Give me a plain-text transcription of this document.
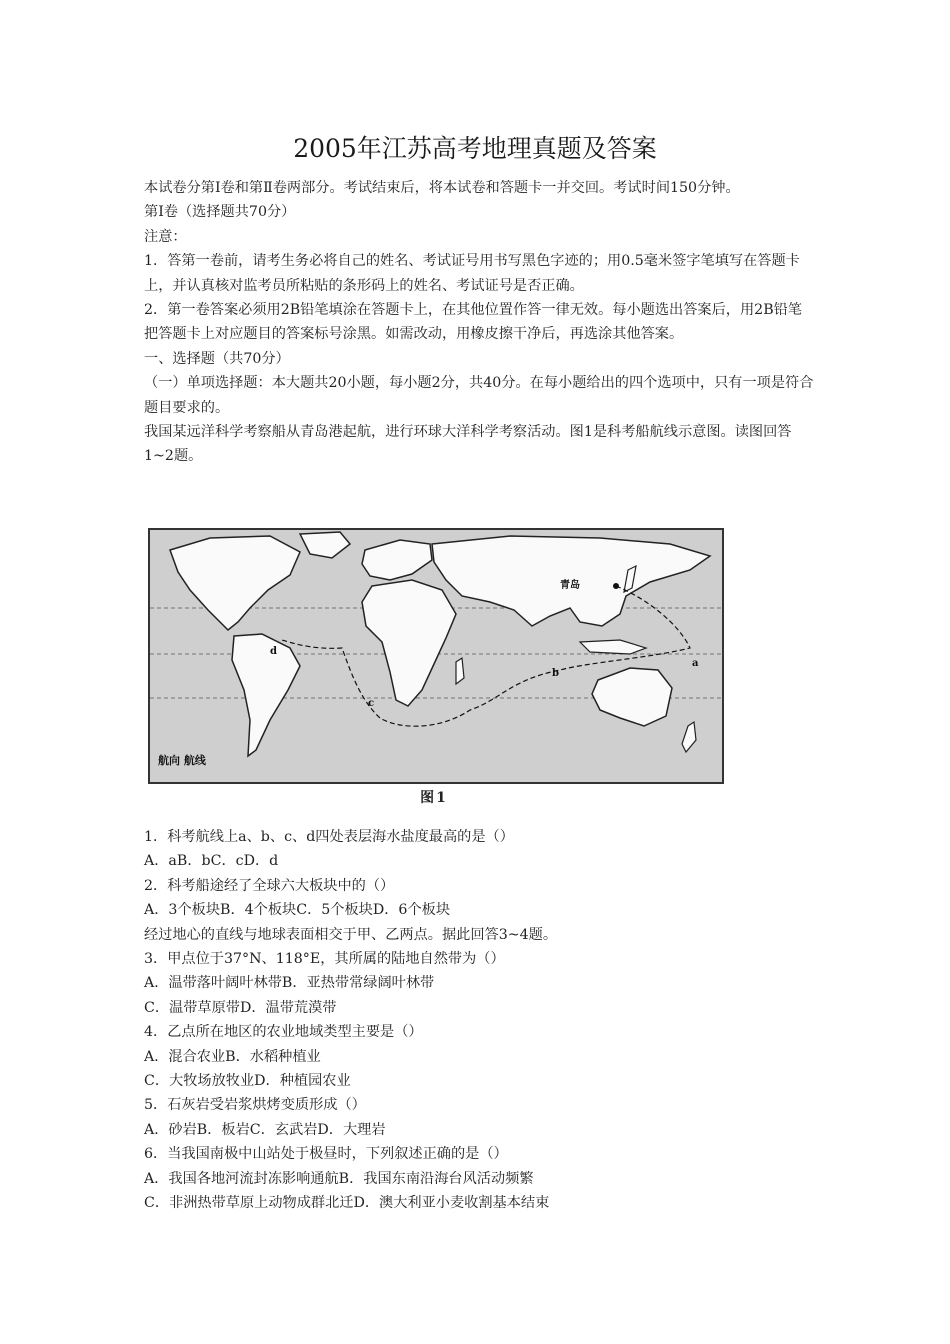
2005年江苏高考地理真题及答案

本试卷分第Ⅰ卷和第Ⅱ卷两部分。考试结束后，将本试卷和答题卡一并交回。考试时间150分钟。

第Ⅰ卷（选择题共70分）

注意：

1．答第一卷前，请考生务必将自己的姓名、考试证号用书写黑色字迹的；用0.5毫米签字笔填写在答题卡上，并认真核对监考员所粘贴的条形码上的姓名、考试证号是否正确。

2．第一卷答案必须用2B铅笔填涂在答题卡上，在其他位置作答一律无效。每小题选出答案后，用2B铅笔把答题卡上对应题目的答案标号涂黑。如需改动，用橡皮擦干净后，再选涂其他答案。

一、选择题（共70分）

（一）单项选择题：本大题共20小题，每小题2分，共40分。在每小题给出的四个选项中，只有一项是符合题目要求的。

我国某远洋科学考察船从青岛港起航，进行环球大洋科学考察活动。图1是科考船航线示意图。读图回答1~2题。

青岛
a
b
c
d
航向 航线
图1

1．科考航线上a、b、c、d四处表层海水盐度最高的是（）

A．aB．bC．cD．d

2．科考船途经了全球六大板块中的（）

A．3个板块B．4个板块C．5个板块D．6个板块

经过地心的直线与地球表面相交于甲、乙两点。据此回答3~4题。

3．甲点位于37°N、118°E，其所属的陆地自然带为（）

A．温带落叶阔叶林带B．亚热带常绿阔叶林带

C．温带草原带D．温带荒漠带

4．乙点所在地区的农业地域类型主要是（）

A．混合农业B．水稻种植业

C．大牧场放牧业D．种植园农业

5．石灰岩受岩浆烘烤变质形成（）

A．砂岩B．板岩C．玄武岩D．大理岩

6．当我国南极中山站处于极昼时，下列叙述正确的是（）

A．我国各地河流封冻影响通航B．我国东南沿海台风活动频繁

C．非洲热带草原上动物成群北迁D．澳大利亚小麦收割基本结束
